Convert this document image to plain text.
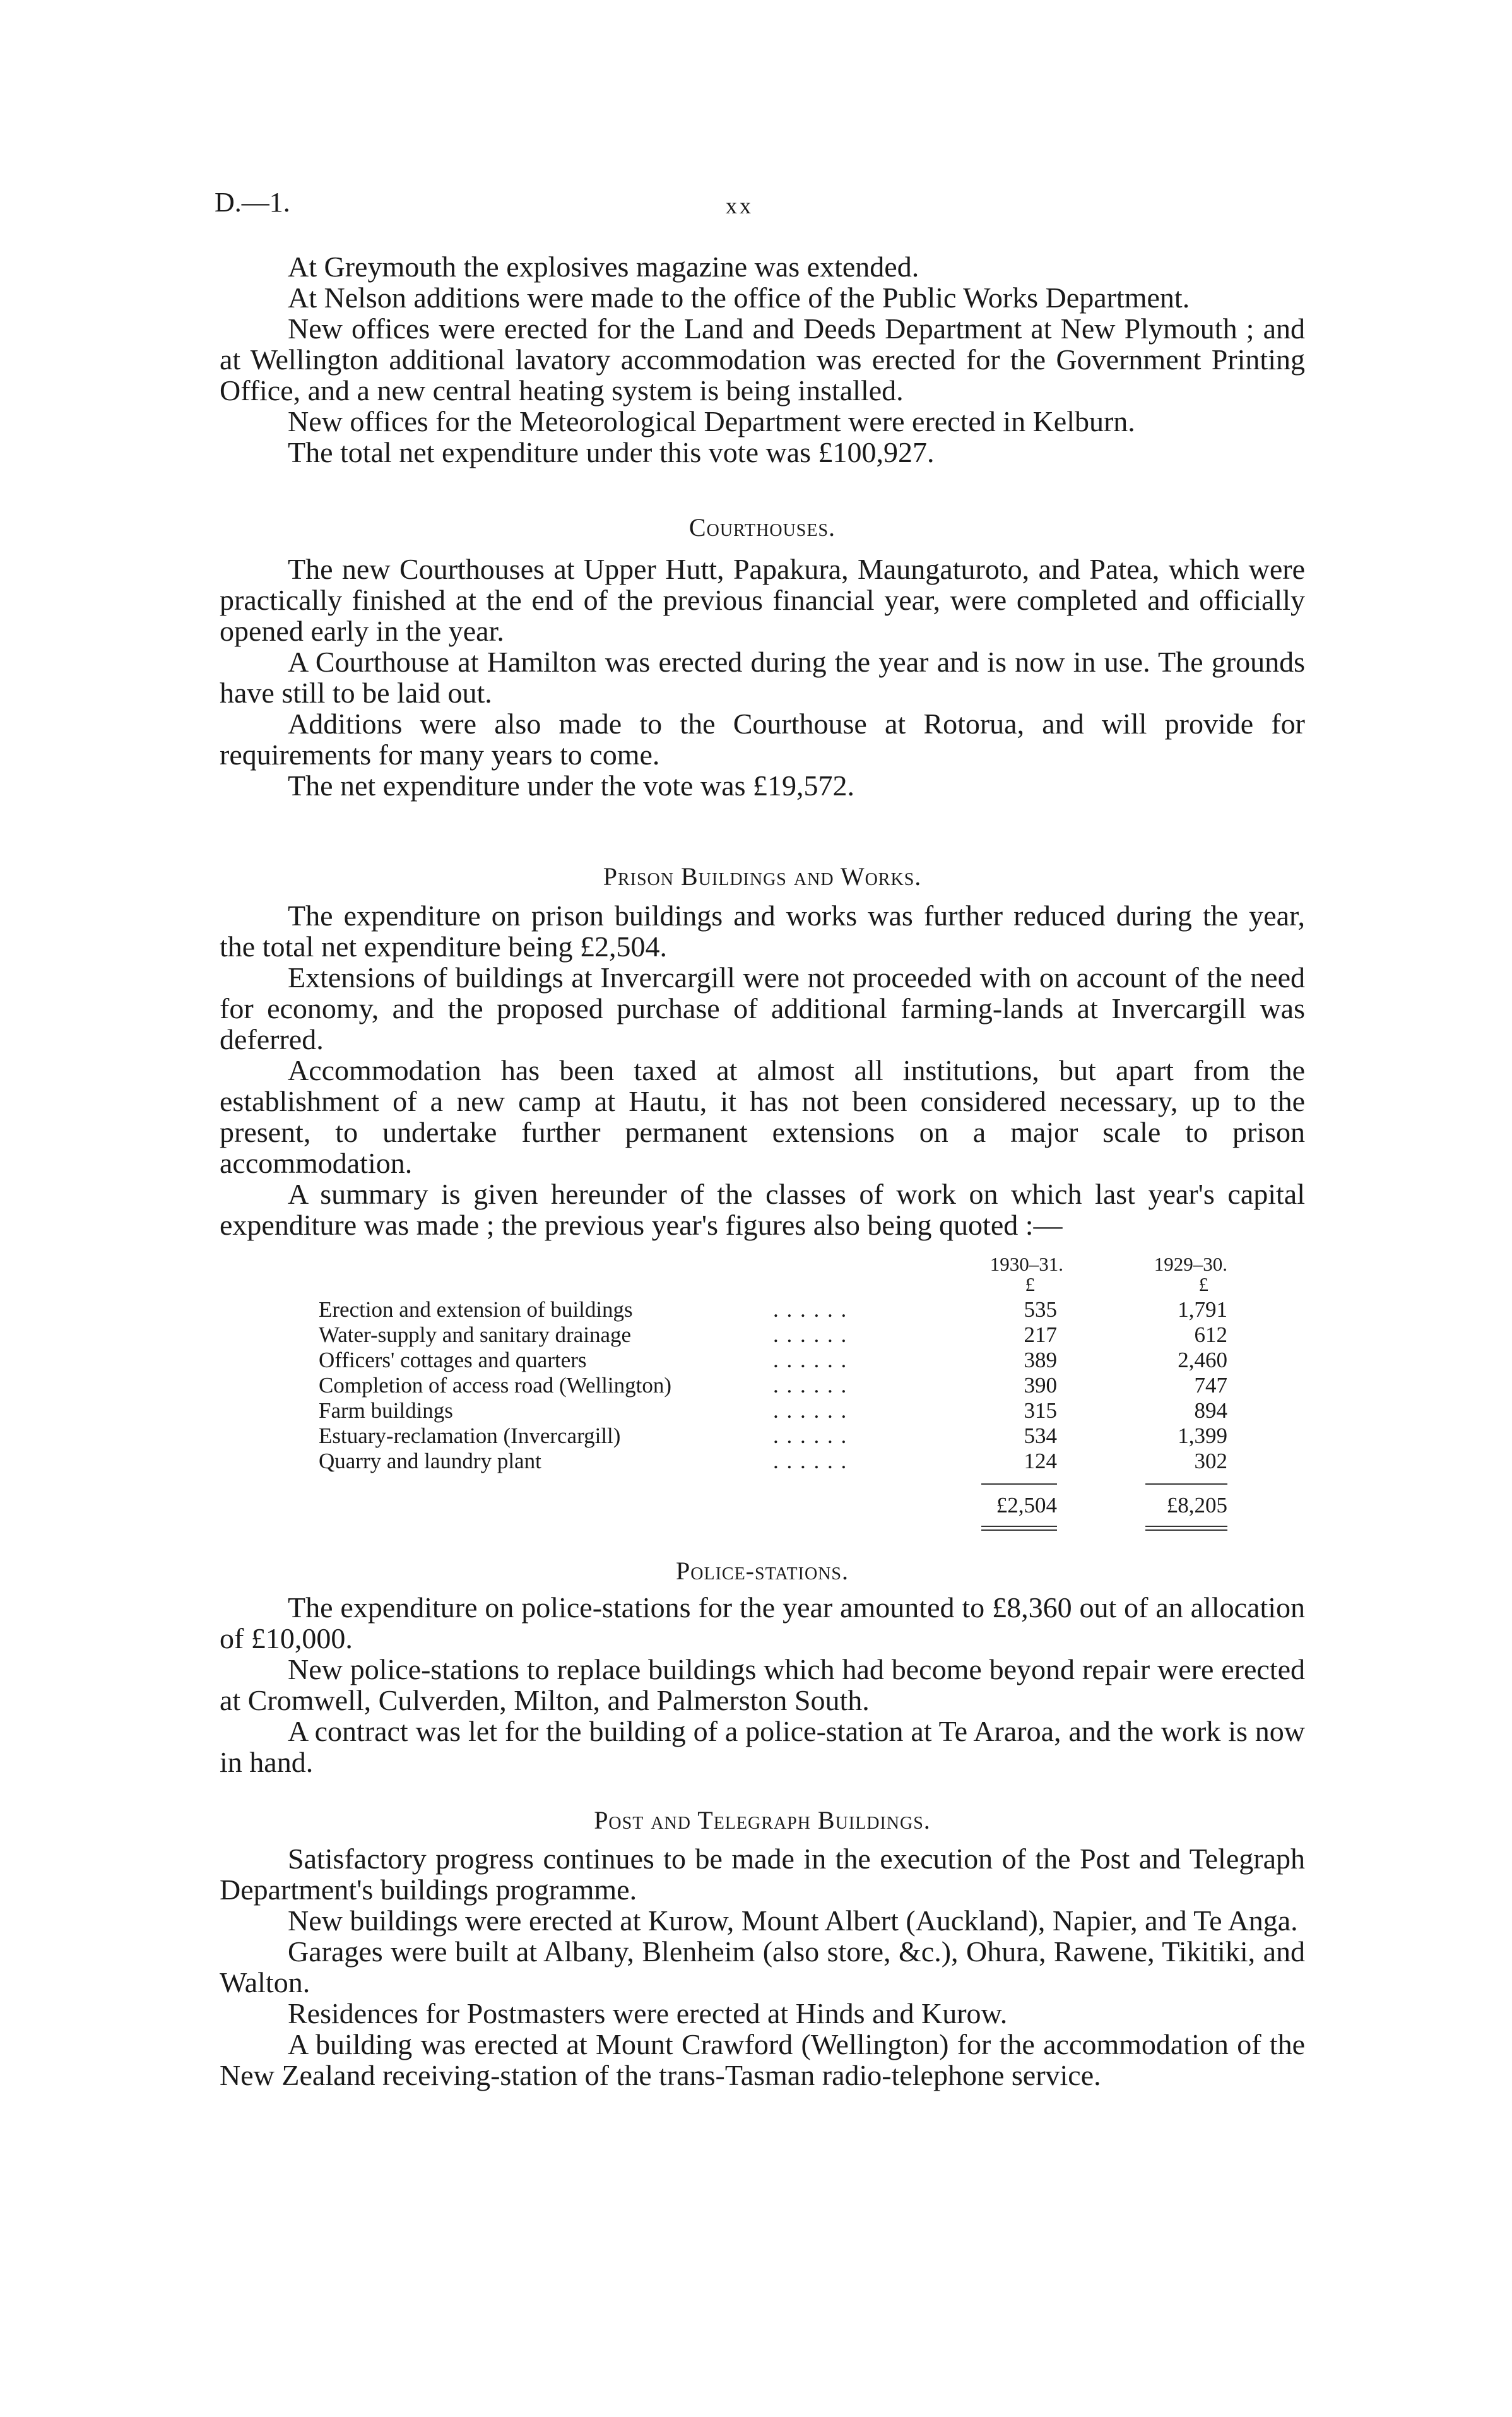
D.—1.	xx

At Greymouth the explosives magazine was extended.

At Nelson additions were made to the office of the Public Works Department.

New offices were erected for the Land and Deeds Department at New Plymouth ; and at Wellington additional lavatory accommodation was erected for the Government Printing Office, and a new central heating system is being installed.

New offices for the Meteorological Department were erected in Kelburn.

The total net expenditure under this vote was £100,927.

Courthouses.

The new Courthouses at Upper Hutt, Papakura, Maungaturoto, and Patea, which were practically finished at the end of the previous financial year, were completed and officially opened early in the year.

A Courthouse at Hamilton was erected during the year and is now in use. The grounds have still to be laid out.

Additions were also made to the Courthouse at Rotorua, and will provide for requirements for many years to come.

The net expenditure under the vote was £19,572.

Prison Buildings and Works.

The expenditure on prison buildings and works was further reduced during the year, the total net expenditure being £2,504.

Extensions of buildings at Invercargill were not proceeded with on account of the need for economy, and the proposed purchase of additional farming-lands at Invercargill was deferred.

Accommodation has been taxed at almost all institutions, but apart from the establishment of a new camp at Hautu, it has not been considered necessary, up to the present, to undertake further permanent extensions on a major scale to prison accommodation.

A summary is given hereunder of the classes of work on which last year's capital expenditure was made ; the previous year's figures also being quoted :—

1930–31.	1929–30.
£	£
Erection and extension of buildings	. . . . . .	535	1,791
Water-supply and sanitary drainage	. . . . . .	217	612
Officers' cottages and quarters	. . . . . .	389	2,460
Completion of access road (Wellington)	. . . . . .	390	747
Farm buildings	. . . . . .	315	894
Estuary-reclamation (Invercargill)	. . . . . .	534	1,399
Quarry and laundry plant	. . . . . .	124	302
£2,504	£8,205
Police-stations.

The expenditure on police-stations for the year amounted to £8,360 out of an allocation of £10,000.

New police-stations to replace buildings which had become beyond repair were erected at Cromwell, Culverden, Milton, and Palmerston South.

A contract was let for the building of a police-station at Te Araroa, and the work is now in hand.

Post and Telegraph Buildings.

Satisfactory progress continues to be made in the execution of the Post and Telegraph Department's buildings programme.

New buildings were erected at Kurow, Mount Albert (Auckland), Napier, and Te Anga.

Garages were built at Albany, Blenheim (also store, &c.), Ohura, Rawene, Tikitiki, and Walton.

Residences for Postmasters were erected at Hinds and Kurow.

A building was erected at Mount Crawford (Wellington) for the accommodation of the New Zealand receiving-station of the trans-Tasman radio-telephone service.
